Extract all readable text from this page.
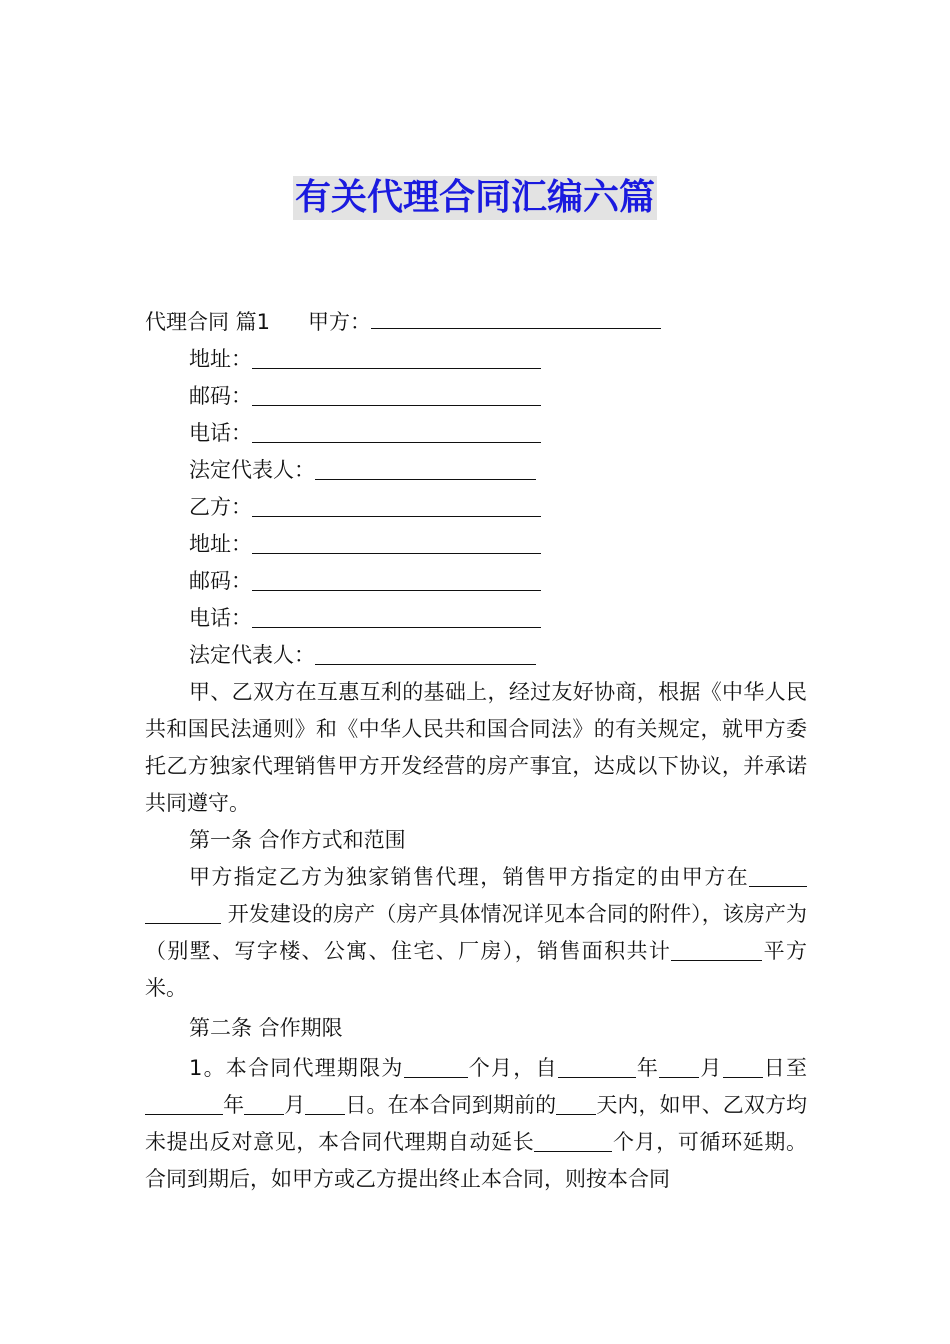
有关代理合同汇编六篇
代理合同 篇1 甲方：
地址：
邮码：
电话：
法定代表人：
乙方：
地址：
邮码：
电话：
法定代表人：

甲、乙双方在互惠互利的基础上，经过友好协商，根据《中华人民共和国民法通则》和《中华人民共和国合同法》的有关规定，就甲方委托乙方独家代理销售甲方开发经营的房产事宜，达成以下协议，并承诺共同遵守。

第一条 合作方式和范围

甲方指定乙方为独家销售代理，销售甲方指定的由甲方在 开发建设的房产（房产具体情况详见本合同的附件），该房产为（别墅、写字楼、公寓、住宅、厂房），销售面积共计	平方米。

第二条 合作期限

1。本合同代理期限为	个月，自	年 月 日至年 月 日。在本合同到期前的 天内，如甲、乙双方均未提出反对意见，本合同代理期自动延长	个月，可循环延期。合同到期后，如甲方或乙方提出终止本合同，则按本合同
